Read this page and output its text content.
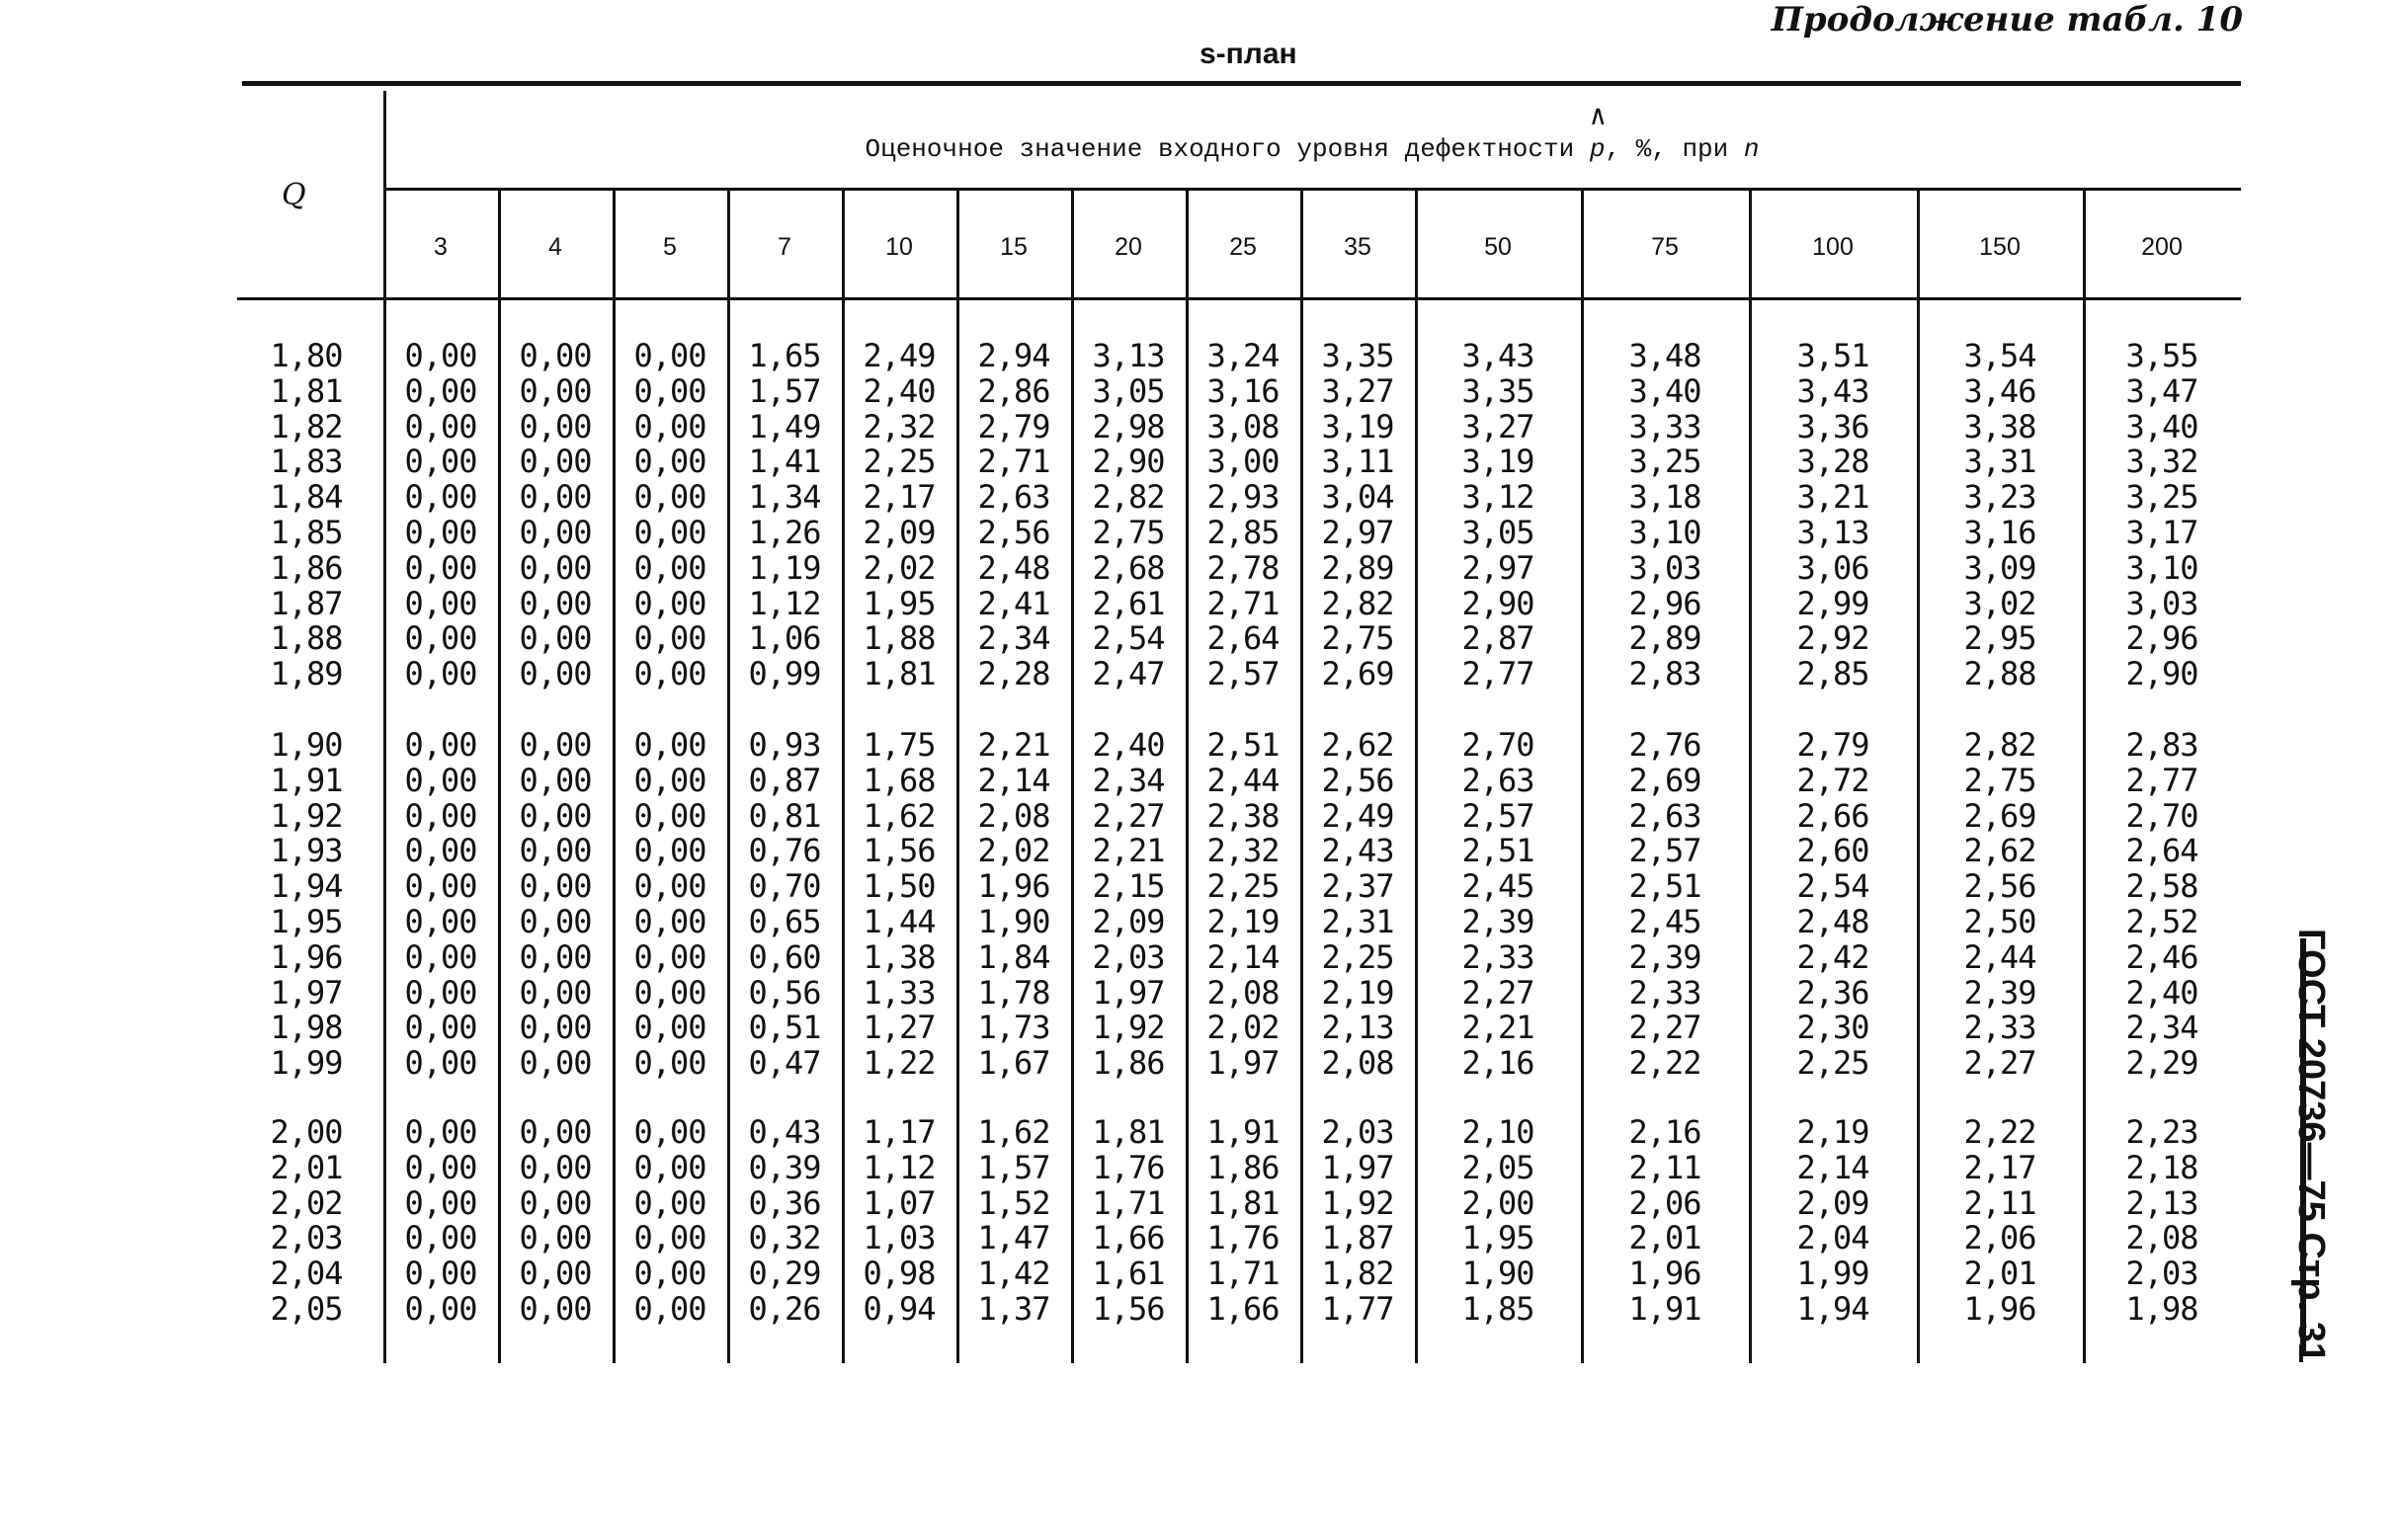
Продолжение табл. 10
s-план
Q
Оценочное значение входного уровня дефектности ∧ p, %, при n
3	4	5	7	10	15	20	25	35	50	75	100	150	200
1,80	0,00	0,00	0,00	1,65	2,49	2,94	3,13	3,24	3,35	3,43	3,48	3,51	3,54	3,55
1,81	0,00	0,00	0,00	1,57	2,40	2,86	3,05	3,16	3,27	3,35	3,40	3,43	3,46	3,47
1,82	0,00	0,00	0,00	1,49	2,32	2,79	2,98	3,08	3,19	3,27	3,33	3,36	3,38	3,40
1,83	0,00	0,00	0,00	1,41	2,25	2,71	2,90	3,00	3,11	3,19	3,25	3,28	3,31	3,32
1,84	0,00	0,00	0,00	1,34	2,17	2,63	2,82	2,93	3,04	3,12	3,18	3,21	3,23	3,25
1,85	0,00	0,00	0,00	1,26	2,09	2,56	2,75	2,85	2,97	3,05	3,10	3,13	3,16	3,17
1,86	0,00	0,00	0,00	1,19	2,02	2,48	2,68	2,78	2,89	2,97	3,03	3,06	3,09	3,10
1,87	0,00	0,00	0,00	1,12	1,95	2,41	2,61	2,71	2,82	2,90	2,96	2,99	3,02	3,03
1,88	0,00	0,00	0,00	1,06	1,88	2,34	2,54	2,64	2,75	2,87	2,89	2,92	2,95	2,96
1,89	0,00	0,00	0,00	0,99	1,81	2,28	2,47	2,57	2,69	2,77	2,83	2,85	2,88	2,90
1,90	0,00	0,00	0,00	0,93	1,75	2,21	2,40	2,51	2,62	2,70	2,76	2,79	2,82	2,83
1,91	0,00	0,00	0,00	0,87	1,68	2,14	2,34	2,44	2,56	2,63	2,69	2,72	2,75	2,77
1,92	0,00	0,00	0,00	0,81	1,62	2,08	2,27	2,38	2,49	2,57	2,63	2,66	2,69	2,70
1,93	0,00	0,00	0,00	0,76	1,56	2,02	2,21	2,32	2,43	2,51	2,57	2,60	2,62	2,64
1,94	0,00	0,00	0,00	0,70	1,50	1,96	2,15	2,25	2,37	2,45	2,51	2,54	2,56	2,58
1,95	0,00	0,00	0,00	0,65	1,44	1,90	2,09	2,19	2,31	2,39	2,45	2,48	2,50	2,52
1,96	0,00	0,00	0,00	0,60	1,38	1,84	2,03	2,14	2,25	2,33	2,39	2,42	2,44	2,46
1,97	0,00	0,00	0,00	0,56	1,33	1,78	1,97	2,08	2,19	2,27	2,33	2,36	2,39	2,40
1,98	0,00	0,00	0,00	0,51	1,27	1,73	1,92	2,02	2,13	2,21	2,27	2,30	2,33	2,34
1,99	0,00	0,00	0,00	0,47	1,22	1,67	1,86	1,97	2,08	2,16	2,22	2,25	2,27	2,29
2,00	0,00	0,00	0,00	0,43	1,17	1,62	1,81	1,91	2,03	2,10	2,16	2,19	2,22	2,23
2,01	0,00	0,00	0,00	0,39	1,12	1,57	1,76	1,86	1,97	2,05	2,11	2,14	2,17	2,18
2,02	0,00	0,00	0,00	0,36	1,07	1,52	1,71	1,81	1,92	2,00	2,06	2,09	2,11	2,13
2,03	0,00	0,00	0,00	0,32	1,03	1,47	1,66	1,76	1,87	1,95	2,01	2,04	2,06	2,08
2,04	0,00	0,00	0,00	0,29	0,98	1,42	1,61	1,71	1,82	1,90	1,96	1,99	2,01	2,03
2,05	0,00	0,00	0,00	0,26	0,94	1,37	1,56	1,66	1,77	1,85	1,91	1,94	1,96	1,98	ГОСТ 20736—75 Стр. 31
